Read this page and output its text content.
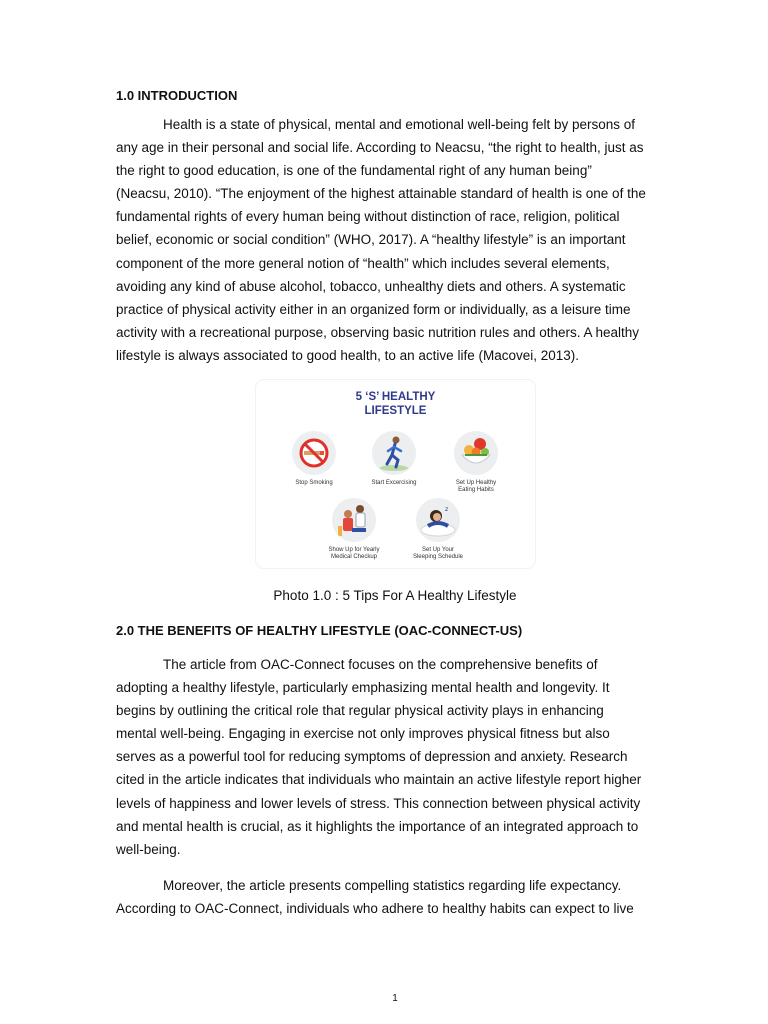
1.0 INTRODUCTION

Health is a state of physical, mental and emotional well-being felt by persons of
any age in their personal and social life. According to Neacsu, “the right to health, just as
the right to good education, is one of the fundamental right of any human being”
(Neacsu, 2010). “The enjoyment of the highest attainable standard of health is one of the
fundamental rights of every human being without distinction of race, religion, political
belief, economic or social condition” (WHO, 2017). A “healthy lifestyle” is an important
component of the more general notion of “health” which includes several elements,
avoiding any kind of abuse alcohol, tobacco, unhealthy diets and others. A systematic
practice of physical activity either in an organized form or individually, as a leisure time
activity with a recreational purpose, observing basic nutrition rules and others. A healthy
lifestyle is always associated to good health, to an active life (Macovei, 2013).

5 ‘S’ HEALTHY
LIFESTYLE
Stop Smoking	Start Excercising	Set Up Healthy
Eating Habits
Show Up for Yearly
Medical Checkup
z
Set Up Your
Sleeping Schedule
Photo 1.0 : 5 Tips For A Healthy Lifestyle
2.0 THE BENEFITS OF HEALTHY LIFESTYLE (OAC-CONNECT-US)

The article from OAC-Connect focuses on the comprehensive benefits of
adopting a healthy lifestyle, particularly emphasizing mental health and longevity. It
begins by outlining the critical role that regular physical activity plays in enhancing
mental well-being. Engaging in exercise not only improves physical fitness but also
serves as a powerful tool for reducing symptoms of depression and anxiety. Research
cited in the article indicates that individuals who maintain an active lifestyle report higher
levels of happiness and lower levels of stress. This connection between physical activity
and mental health is crucial, as it highlights the importance of an integrated approach to
well-being.

Moreover, the article presents compelling statistics regarding life expectancy.
According to OAC-Connect, individuals who adhere to healthy habits can expect to live

1
